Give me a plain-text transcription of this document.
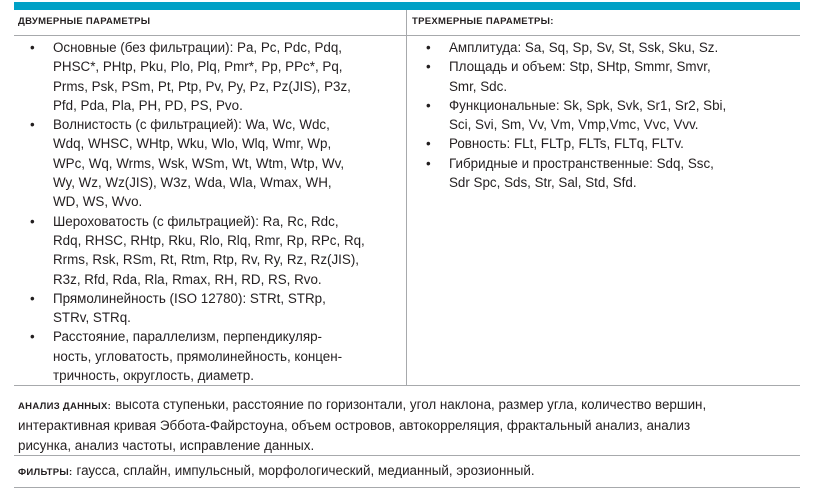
ДВУМЕРНЫЕ ПАРАМЕТРЫ	ТРЕХМЕРНЫЕ ПАРАМЕТРЫ:
• Основные (без фильтрации): Pa, Pc, Pdc, Pdq,
PHSC*, PHtp, Pku, Plo, Plq, Pmr*, Pp, PPc*, Pq,
Prms, Psk, PSm, Pt, Ptp, Pv, Py, Pz, Pz(JIS), P3z,
Pfd, Pda, Pla, PH, PD, PS, Pvo.
• Волнистость (с фильтрацией): Wa, Wc, Wdc,
Wdq, WHSC, WHtp, Wku, Wlo, Wlq, Wmr, Wp,
WPc, Wq, Wrms, Wsk, WSm, Wt, Wtm, Wtp, Wv,
Wy, Wz, Wz(JIS), W3z, Wda, Wla, Wmax, WH,
WD, WS, Wvo.
• Шероховатость (с фильтрацией): Ra, Rc, Rdc,
Rdq, RHSC, RHtp, Rku, Rlo, Rlq, Rmr, Rp, RPc, Rq,
Rrms, Rsk, RSm, Rt, Rtm, Rtp, Rv, Ry, Rz, Rz(JIS),
R3z, Rfd, Rda, Rla, Rmax, RH, RD, RS, Rvo.
• Прямолинейность (ISO 12780): STRt, STRp,
STRv, STRq.
• Расстояние, параллелизм, перпендикуляр-
ность, угловатость, прямолинейность, концен-
тричность, округлость, диаметр.
• Амплитуда: Sa, Sq, Sp, Sv, St, Ssk, Sku, Sz.
• Площадь и объем: Stp, SHtp, Smmr, Smvr,
Smr, Sdc.
• Функциональные: Sk, Spk, Svk, Sr1, Sr2, Sbi,
Sci, Svi, Sm, Vv, Vm, Vmp,Vmc, Vvc, Vvv.
• Ровность: FLt, FLTp, FLTs, FLTq, FLTv.
• Гибридные и пространственные: Sdq, Ssc,
Sdr Spc, Sds, Str, Sal, Std, Sfd.
АНАЛИЗ ДАННЫХ: высота ступеньки, расстояние по горизонтали, угол наклона, размер угла, количество вершин,
интерактивная кривая Эббота-Файрстоуна, объем островов, автокорреляция, фрактальный анализ, анализ
рисунка, анализ частоты, исправление данных.
ФИЛЬТРЫ: гаусса, сплайн, импульсный, морфологический, медианный, эрозионный.
